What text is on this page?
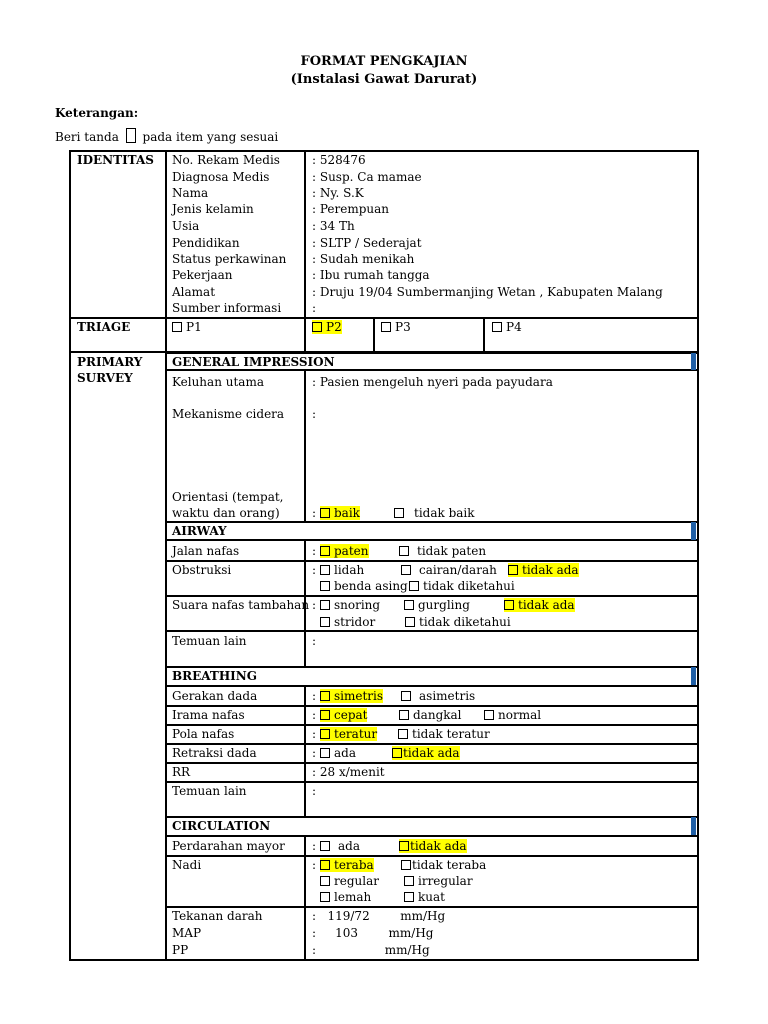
FORMAT PENGKAJIAN
(Instalasi Gawat Darurat)
Keterangan:
Beri tanda pada item yang sesuai
IDENTITAS No. Rekam Medis	: 528476
Diagnosa Medis	: Susp. Ca mamae
Nama	: Ny. S.K
Jenis kelamin	: Perempuan
Usia	: 34 Th
Pendidikan	: SLTP / Sederajat
Status perkawinan : Sudah menikah
Pekerjaan	: Ibu rumah tangga
Alamat	: Druju 19/04 Sumbermanjing Wetan , Kabupaten Malang
Sumber informasi	:
TRIAGE	P1	P2	P3	P4
PRIMARY
SURVEY
GENERAL IMPRESSION
Keluhan utama	: Pasien mengeluh nyeri pada payudara
Mekanisme cidera :
Orientasi (tempat,
waktu dan orang)	:	baik	tidak baik
AIRWAY
Jalan nafas	:	paten	tidak paten
Obstruksi	:	lidah	cairan/darah	tidak ada
benda asing	tidak diketahui
Suara nafas tambahan :	snoring	gurgling	tidak ada
stridor	tidak diketahui
Temuan lain	:
BREATHING
Gerakan dada	:	simetris	asimetris
Irama nafas	:	cepat	dangkal	normal
Pola nafas	:	teratur	tidak teratur
Retraksi dada	:	ada	tidak ada
RR	: 28 x/menit
Temuan lain	:
CIRCULATION
Perdarahan mayor :	ada	tidak ada
Nadi	:	teraba	tidak teraba
regular	irregular
lemah	kuat
Tekanan darah	:   119/72        mm/Hg
MAP	:     103        mm/Hg
PP	:                  mm/Hg
